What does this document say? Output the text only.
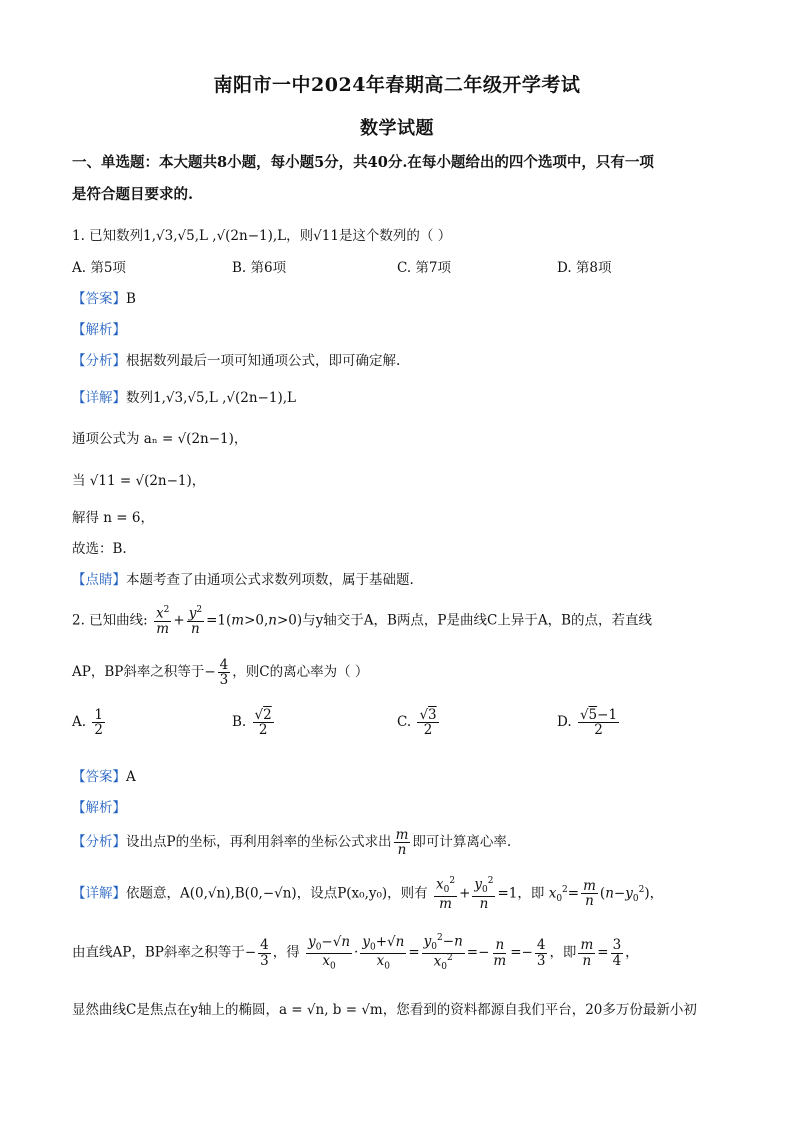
南阳市一中2024年春期高二年级开学考试
数学试题
一、单选题：本大题共8小题，每小题5分，共40分.在每小题给出的四个选项中，只有一项
是符合题目要求的.
1. 已知数列1,√3,√5,L ,√(2n−1),L，则√11是这个数列的（ ）
A. 第5项	B. 第6项	C. 第7项	D. 第8项
【答案】B
【解析】
【分析】根据数列最后一项可知通项公式，即可确定解.
【详解】数列1,√3,√5,L ,√(2n−1),L
通项公式为 aₙ = √(2n−1)，
当 √11 = √(2n−1)，
解得 n = 6，
故选：B.
【点睛】本题考查了由通项公式求数列项数，属于基础题.
2. 已知曲线: $\frac{x^2}{m} + \frac{y^2}{n} =1(m>0,n>0)$与y轴交于A，B两点，P是曲线C上异于A，B的点，若直线
AP，BP斜率之积等于− $\frac{4}{3}$ ，则C的离心率为（ ）
A. $\frac{1}{2}$	B. $\frac{√2}{2}$	C. $\frac{√3}{2}$	D. $\frac{√5-1}{2}$
【答案】A
【解析】
【分析】设出点P的坐标，再利用斜率的坐标公式求出 $\frac{m}{n}$ 即可计算离心率.
【详解】依题意，A(0,√n),B(0,−√n)，设点P(x₀,y₀)，则有 $\frac{x_0^2}{m} + \frac{y_0^2}{n} =1$，即 $x_0^2= \frac{m}{n} (n-y_0^2)$，
由直线AP，BP斜率之积等于− $\frac{4}{3}$ ，得 $\frac{y_0-√n}{x_0} \cdot \frac{y_0+√n}{x_0} = \frac{y_0^2-n}{x_0^2} =- \frac{n}{m} =- \frac{4}{3}$ ，即 $\frac{m}{n} = \frac{3}{4}$ ，
显然曲线C是焦点在y轴上的椭圆，a = √n, b = √m，您看到的资料都源自我们平台，20多万份最新小初
